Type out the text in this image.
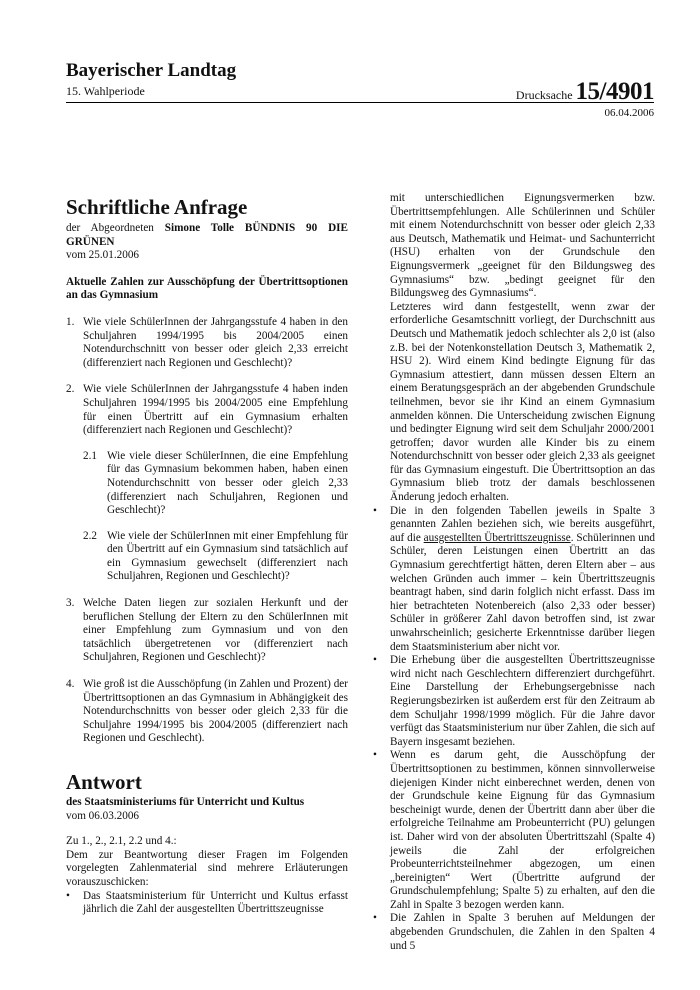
Bayerischer Landtag
15. Wahlperiode	Drucksache 15/4901
06.04.2006
Schriftliche Anfrage

der Abgeordneten Simone Tolle BÜNDNIS 90 DIE GRÜNEN

vom 25.01.2006

Aktuelle Zahlen zur Ausschöpfung der Übertrittsoptionen an das Gymnasium

1. Wie viele SchülerInnen der Jahrgangsstufe 4 haben in den Schuljahren 1994/1995 bis 2004/2005 einen Notendurchschnitt von besser oder gleich 2,33 erreicht (differenziert nach Regionen und Geschlecht)?
2. Wie viele SchülerInnen der Jahrgangsstufe 4 haben inden Schuljahren 1994/1995 bis 2004/2005 eine Empfehlung für einen Übertritt auf ein Gymnasium erhalten (differenziert nach Regionen und Geschlecht)?
2.1 Wie viele dieser SchülerInnen, die eine Empfehlung für das Gymnasium bekommen haben, haben einen Notendurchschnitt von besser oder gleich 2,33 (differenziert nach Schuljahren, Regionen und Geschlecht)?
2.2 Wie viele der SchülerInnen mit einer Empfehlung für den Übertritt auf ein Gymnasium sind tatsächlich auf ein Gymnasium gewechselt (differenziert nach Schuljahren, Regionen und Geschlecht)?
3. Welche Daten liegen zur sozialen Herkunft und der beruflichen Stellung der Eltern zu den SchülerInnen mit einer Empfehlung zum Gymnasium und von den tatsächlich übergetretenen vor (differenziert nach Schuljahren, Regionen und Geschlecht)?
4. Wie groß ist die Ausschöpfung (in Zahlen und Prozent) der Übertrittsoptionen an das Gymnasium in Abhängigkeit des Notendurchschnitts von besser oder gleich 2,33 für die Schuljahre 1994/1995 bis 2004/2005 (differenziert nach Regionen und Geschlecht).
Antwort

des Staatsministeriums für Unterricht und Kultus

vom 06.03.2006

Zu 1., 2., 2.1, 2.2 und 4.:

Dem zur Beantwortung dieser Fragen im Folgenden vorgelegten Zahlenmaterial sind mehrere Erläuterungen vorauszuschicken:

•	Das Staatsministerium für Unterricht und Kultus erfasst jährlich die Zahl der ausgestellten Übertrittszeugnisse
mit unterschiedlichen Eignungsvermerken bzw. Übertrittsempfehlungen. Alle Schülerinnen und Schüler mit einem Notendurchschnitt von besser oder gleich 2,33 aus Deutsch, Mathematik und Heimat- und Sachunterricht (HSU) erhalten von der Grundschule den Eignungsvermerk „geeignet für den Bildungsweg des Gymnasiums“ bzw. „bedingt geeignet für den Bildungsweg des Gymnasiums“.
Letzteres wird dann festgestellt, wenn zwar der erforderliche Gesamtschnitt vorliegt, der Durchschnitt aus Deutsch und Mathematik jedoch schlechter als 2,0 ist (also z.B. bei der Notenkonstellation Deutsch 3, Mathematik 2, HSU 2). Wird einem Kind bedingte Eignung für das Gymnasium attestiert, dann müssen dessen Eltern an einem Beratungsgespräch an der abgebenden Grundschule teilnehmen, bevor sie ihr Kind an einem Gymnasium anmelden können. Die Unterscheidung zwischen Eignung und bedingter Eignung wird seit dem Schuljahr 2000/2001 getroffen; davor wurden alle Kinder bis zu einem Notendurchschnitt von besser oder gleich 2,33 als geeignet für das Gymnasium eingestuft. Die Übertrittsoption an das Gymnasium blieb trotz der damals beschlossenen Änderung jedoch erhalten.
•	Die in den folgenden Tabellen jeweils in Spalte 3 genannten Zahlen beziehen sich, wie bereits ausgeführt, auf die ausgestellten Übertrittszeugnisse. Schülerinnen und Schüler, deren Leistungen einen Übertritt an das Gymnasium gerechtfertigt hätten, deren Eltern aber – aus welchen Gründen auch immer – kein Übertrittszeugnis beantragt haben, sind darin folglich nicht erfasst. Dass im hier betrachteten Notenbereich (also 2,33 oder besser) Schüler in größerer Zahl davon betroffen sind, ist zwar unwahrscheinlich; gesicherte Erkenntnisse darüber liegen dem Staatsministerium aber nicht vor.
•	Die Erhebung über die ausgestellten Übertrittszeugnisse wird nicht nach Geschlechtern differenziert durchgeführt. Eine Darstellung der Erhebungsergebnisse nach Regierungsbezirken ist außerdem erst für den Zeitraum ab dem Schuljahr 1998/1999 möglich. Für die Jahre davor verfügt das Staatsministerium nur über Zahlen, die sich auf Bayern insgesamt beziehen.
•	Wenn es darum geht, die Ausschöpfung der Übertrittsoptionen zu bestimmen, können sinnvollerweise diejenigen Kinder nicht einberechnet werden, denen von der Grundschule keine Eignung für das Gymnasium bescheinigt wurde, denen der Übertritt dann aber über die erfolgreiche Teilnahme am Probeunterricht (PU) gelungen ist. Daher wird von der absoluten Übertrittszahl (Spalte 4) jeweils die Zahl der erfolgreichen Probeunterrichtsteilnehmer abgezogen, um einen „bereinigten“ Wert (Übertritte aufgrund der Grundschulempfehlung; Spalte 5) zu erhalten, auf den die Zahl in Spalte 3 bezogen werden kann.
•	Die Zahlen in Spalte 3 beruhen auf Meldungen der abgebenden Grundschulen, die Zahlen in den Spalten 4 und 5
